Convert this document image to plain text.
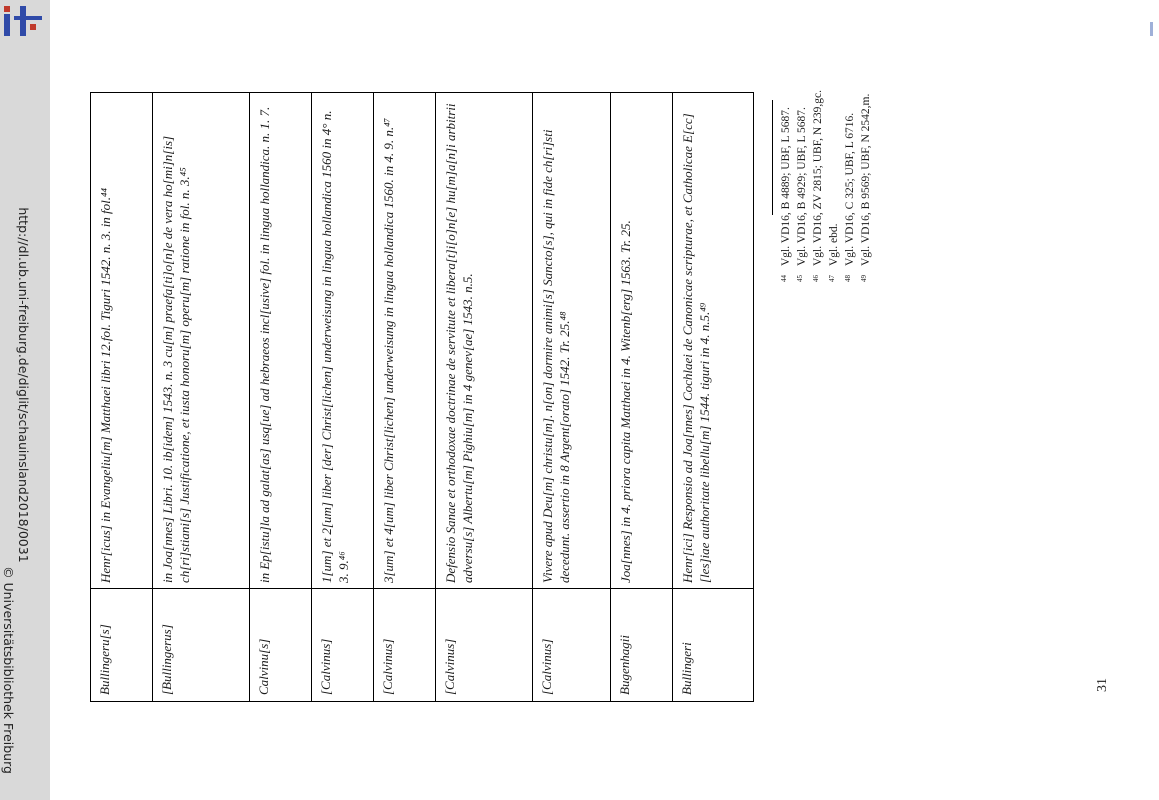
http://dl.ub.uni-freiburg.de/diglit/schauinsland2018/0031
© Universitätsbibliothek Freiburg	Bullingeru[s]
Henr[icus] in Evangeliu[m] Matthaei libri 12.fol. Tiguri 1542. n. 3. in fol.⁴⁴
[Bullingerus]
in Joa[nnes] Libri. 10. ib[idem] 1543. n. 3 cu[m] praefa[ti]o[n]e de vera ho[mi]n[is] ch[ri]stiani[s] Justificatione, et iusta honoru[m] operu[m] ratione in fol. n. 3.⁴⁵
Calvinu[s]
in Ep[istu]la ad galat[as] usq[ue] ad hebraeos incl[usive] fol. in lingua hollandica. n. 1. 7.
[Calvinus]
1[um] et 2[um] liber [der] Christ[lichen] underweisung in lingua hollandica 1560 in 4° n. 3. 9.⁴⁶
[Calvinus]
3[um] et 4[um] liber Christ[lichen] underweisung in lingua hollandica 1560. in 4. 9. n.⁴⁷
[Calvinus]
Defensio Sanae et orthodoxae doctrinae de servitute et libera[t]i[o]n[e] hu[m]a[n]i arbitrii adversu[s] Albertu[m] Pighiu[m] in 4 genev[ae] 1543. n.5.
[Calvinus]
Vivere apud Deu[m] christu[m]. n[on] dormire animi[s] Sancto[s], qui in fide ch[ri]sti decedunt. assertio in 8 Argent[orato] 1542. Tr. 25.⁴⁸
Bugenhagii
Joa[nnes] in 4. priora capita Matthaei in 4. Witenb[erg] 1563. Tr. 25.
Bullingeri
Henr[ici] Responsio ad Joa[nnes] Cochlaei de Canonicae scripturae, et Catholicae E[cc][les]iae authoritate libellu[m] 1544. tiguri in 4. n.5.⁴⁹
44
Vgl. VD16, B 4889; UBF, L 5687.
45
Vgl. VD16, B 4929; UBF, L 5687.
46
Vgl. VD16, ZV 2815; UBF, N 239,gc.
47
Vgl. ebd.
48
Vgl. VD16, C 325; UBF, L 6716.
49
Vgl. VD16, B 9569; UBF, N 2542,m.
31
